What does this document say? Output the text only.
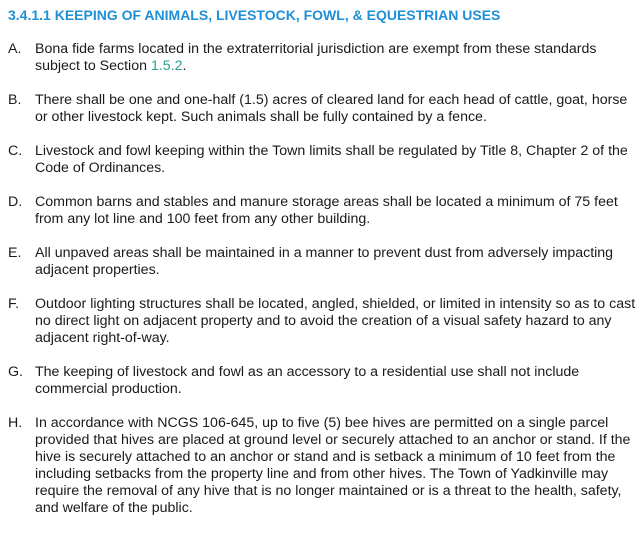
3.4.1.1 KEEPING OF ANIMALS, LIVESTOCK, FOWL, & EQUESTRIAN USES
A. Bona fide farms located in the extraterritorial jurisdiction are exempt from these standards subject to Section 1.5.2.
B. There shall be one and one-half (1.5) acres of cleared land for each head of cattle, goat, horse or other livestock kept. Such animals shall be fully contained by a fence.
C. Livestock and fowl keeping within the Town limits shall be regulated by Title 8, Chapter 2 of the Code of Ordinances.
D. Common barns and stables and manure storage areas shall be located a minimum of 75 feet from any lot line and 100 feet from any other building.
E. All unpaved areas shall be maintained in a manner to prevent dust from adversely impacting adjacent properties.
F. Outdoor lighting structures shall be located, angled, shielded, or limited in intensity so as to cast no direct light on adjacent property and to avoid the creation of a visual safety hazard to any adjacent right-of-way.
G. The keeping of livestock and fowl as an accessory to a residential use shall not include commercial production.
H. In accordance with NCGS 106-645, up to five (5) bee hives are permitted on a single parcel provided that hives are placed at ground level or securely attached to an anchor or stand. If the hive is securely attached to an anchor or stand and is setback a minimum of 10 feet from the including setbacks from the property line and from other hives. The Town of Yadkinville may require the removal of any hive that is no longer maintained or is a threat to the health, safety, and welfare of the public.
